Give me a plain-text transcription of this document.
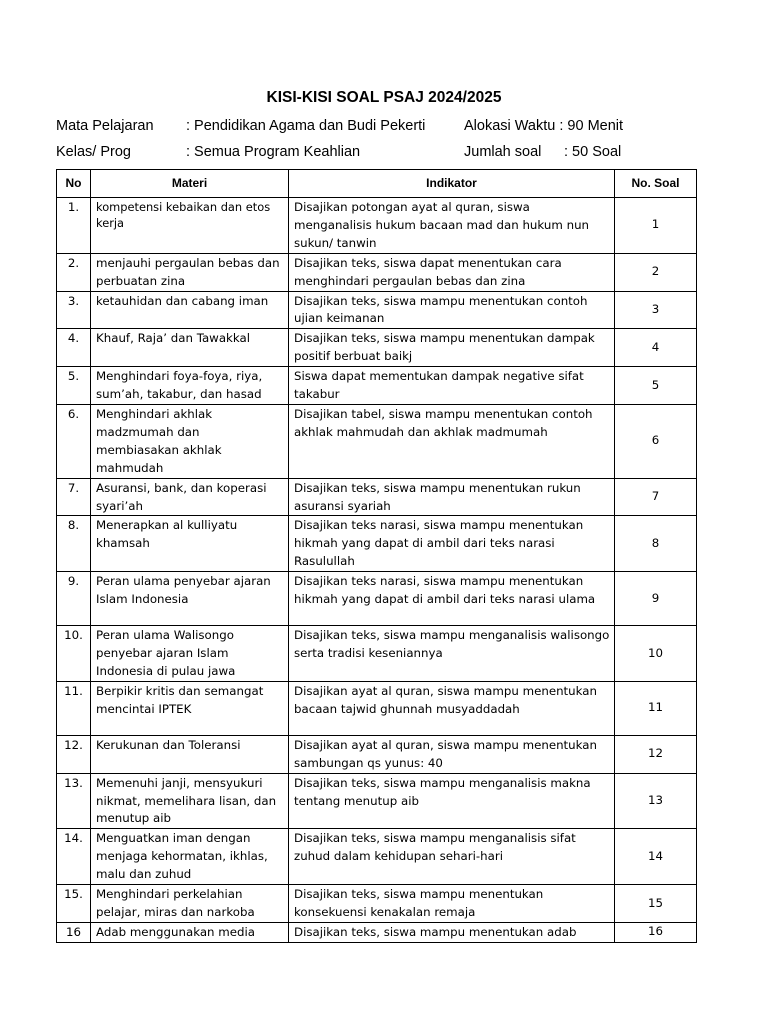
KISI-KISI SOAL PSAJ 2024/2025
Mata Pelajaran : Pendidikan Agama dan Budi Pekerti	Alokasi Waktu : 90 Menit
Kelas/ Prog	: Semua Program Keahlian	Jumlah soal : 50 Soal
No	Materi	Indikator	No. Soal
1.	kompetensi kebaikan dan etos kerja	Disajikan potongan ayat al quran, siswa menganalisis hukum bacaan mad dan hukum nun sukun/ tanwin	1
2.	menjauhi pergaulan bebas dan perbuatan zina	Disajikan teks, siswa dapat menentukan cara menghindari pergaulan bebas dan zina	2
3.	ketauhidan dan cabang iman	Disajikan teks, siswa mampu menentukan contoh ujian keimanan	3
4.	Khauf, Raja’ dan Tawakkal	Disajikan teks, siswa mampu menentukan dampak positif berbuat baikj	4
5.	Menghindari foya-foya, riya, sum’ah, takabur, dan hasad	Siswa dapat mementukan dampak negative sifat takabur	5
6.	Menghindari akhlak madzmumah dan membiasakan akhlak mahmudah	Disajikan tabel, siswa mampu menentukan contoh akhlak mahmudah dan akhlak madmumah	6
7.	Asuransi, bank, dan koperasi syari’ah	Disajikan teks, siswa mampu menentukan rukun asuransi syariah	7
8.	Menerapkan al kulliyatu khamsah	Disajikan teks narasi, siswa mampu menentukan hikmah yang dapat di ambil dari teks narasi Rasulullah	8
9.	Peran ulama penyebar ajaran Islam Indonesia	Disajikan teks narasi, siswa mampu menentukan hikmah yang dapat di ambil dari teks narasi ulama	9
10.	Peran ulama Walisongo penyebar ajaran Islam Indonesia di pulau jawa	Disajikan teks, siswa mampu menganalisis walisongo serta tradisi keseniannya	10
11.	Berpikir kritis dan semangat mencintai IPTEK	Disajikan ayat al quran, siswa mampu menentukan bacaan tajwid ghunnah musyaddadah	11
12.	Kerukunan dan Toleransi	Disajikan ayat al quran, siswa mampu menentukan sambungan qs yunus: 40	12
13.	Memenuhi janji, mensyukuri nikmat, memelihara lisan, dan menutup aib	Disajikan teks, siswa mampu menganalisis makna tentang menutup aib	13
14.	Menguatkan iman dengan menjaga kehormatan, ikhlas, malu dan zuhud	Disajikan teks, siswa mampu menganalisis sifat zuhud dalam kehidupan sehari-hari	14
15.	Menghindari perkelahian pelajar, miras dan narkoba	Disajikan teks, siswa mampu menentukan konsekuensi kenakalan remaja	15
16	Adab menggunakan media	Disajikan teks, siswa mampu menentukan adab	16
